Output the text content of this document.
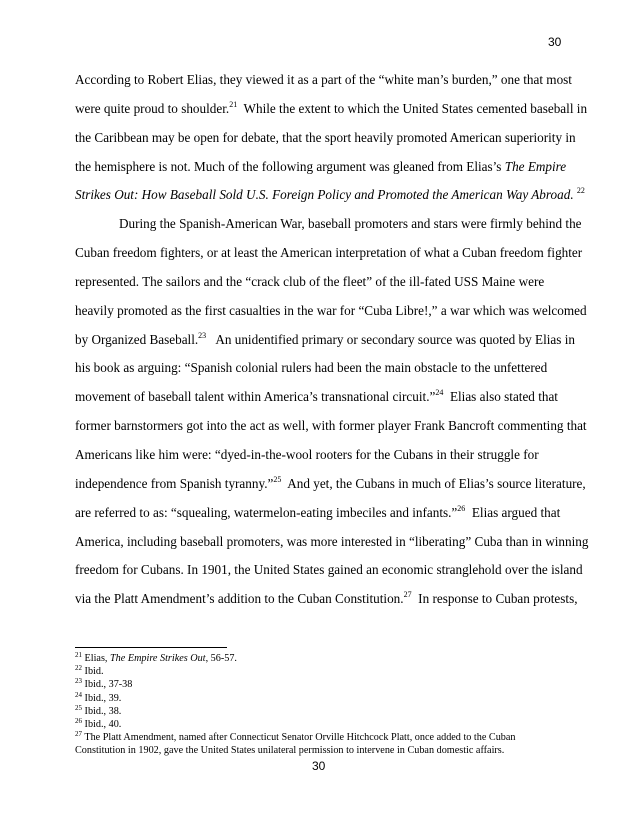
30
According to Robert Elias, they viewed it as a part of the “white man’s burden,” one that most
were quite proud to shoulder.$^{21}$  While the extent to which the United States cemented baseball in
the Caribbean may be open for debate, that the sport heavily promoted American superiority in
the hemisphere is not. Much of the following argument was gleaned from Elias’s The Empire
Strikes Out: How Baseball Sold U.S. Foreign Policy and Promoted the American Way Abroad. $^{22}$
During the Spanish-American War, baseball promoters and stars were firmly behind the
Cuban freedom fighters, or at least the American interpretation of what a Cuban freedom fighter
represented. The sailors and the “crack club of the fleet” of the ill-fated USS Maine were
heavily promoted as the first casualties in the war for “Cuba Libre!,” a war which was welcomed
by Organized Baseball.$^{23}$   An unidentified primary or secondary source was quoted by Elias in
his book as arguing: “Spanish colonial rulers had been the main obstacle to the unfettered
movement of baseball talent within America’s transnational circuit.”$^{24}$  Elias also stated that
former barnstormers got into the act as well, with former player Frank Bancroft commenting that
Americans like him were: “dyed-in-the-wool rooters for the Cubans in their struggle for
independence from Spanish tyranny.”$^{25}$  And yet, the Cubans in much of Elias’s source literature,
are referred to as: “squealing, watermelon-eating imbeciles and infants.”$^{26}$  Elias argued that
America, including baseball promoters, was more interested in “liberating” Cuba than in winning
freedom for Cubans. In 1901, the United States gained an economic stranglehold over the island
via the Platt Amendment’s addition to the Cuban Constitution.$^{27}$  In response to Cuban protests,
$^{21}$ Elias, The Empire Strikes Out, 56-57.
$^{22}$ Ibid.
$^{23}$ Ibid., 37-38
$^{24}$ Ibid., 39.
$^{25}$ Ibid., 38.
$^{26}$ Ibid., 40.
$^{27}$ The Platt Amendment, named after Connecticut Senator Orville Hitchcock Platt, once added to the Cuban
Constitution in 1902, gave the United States unilateral permission to intervene in Cuban domestic affairs.
30
